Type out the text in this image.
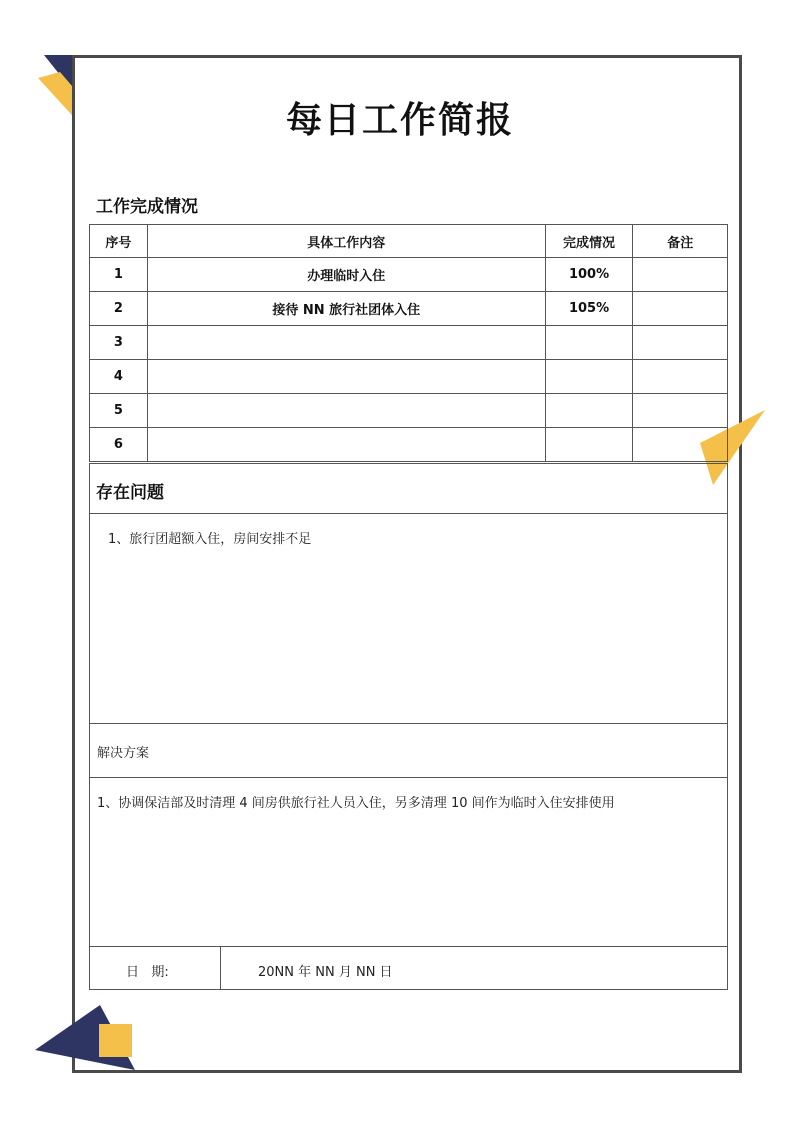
每日工作简报
工作完成情况
序号	具体工作内容	完成情况	备注
1	办理临时入住	100%	
2	接待 NN 旅行社团体入住	105%	
3			
4			
5			
6			
存在问题
1、旅行团超额入住，房间安排不足
解决方案
1、协调保洁部及时清理 4 间房供旅行社人员入住，另多清理 10 间作为临时入住安排使用
日   期:	20NN 年 NN 月 NN 日
